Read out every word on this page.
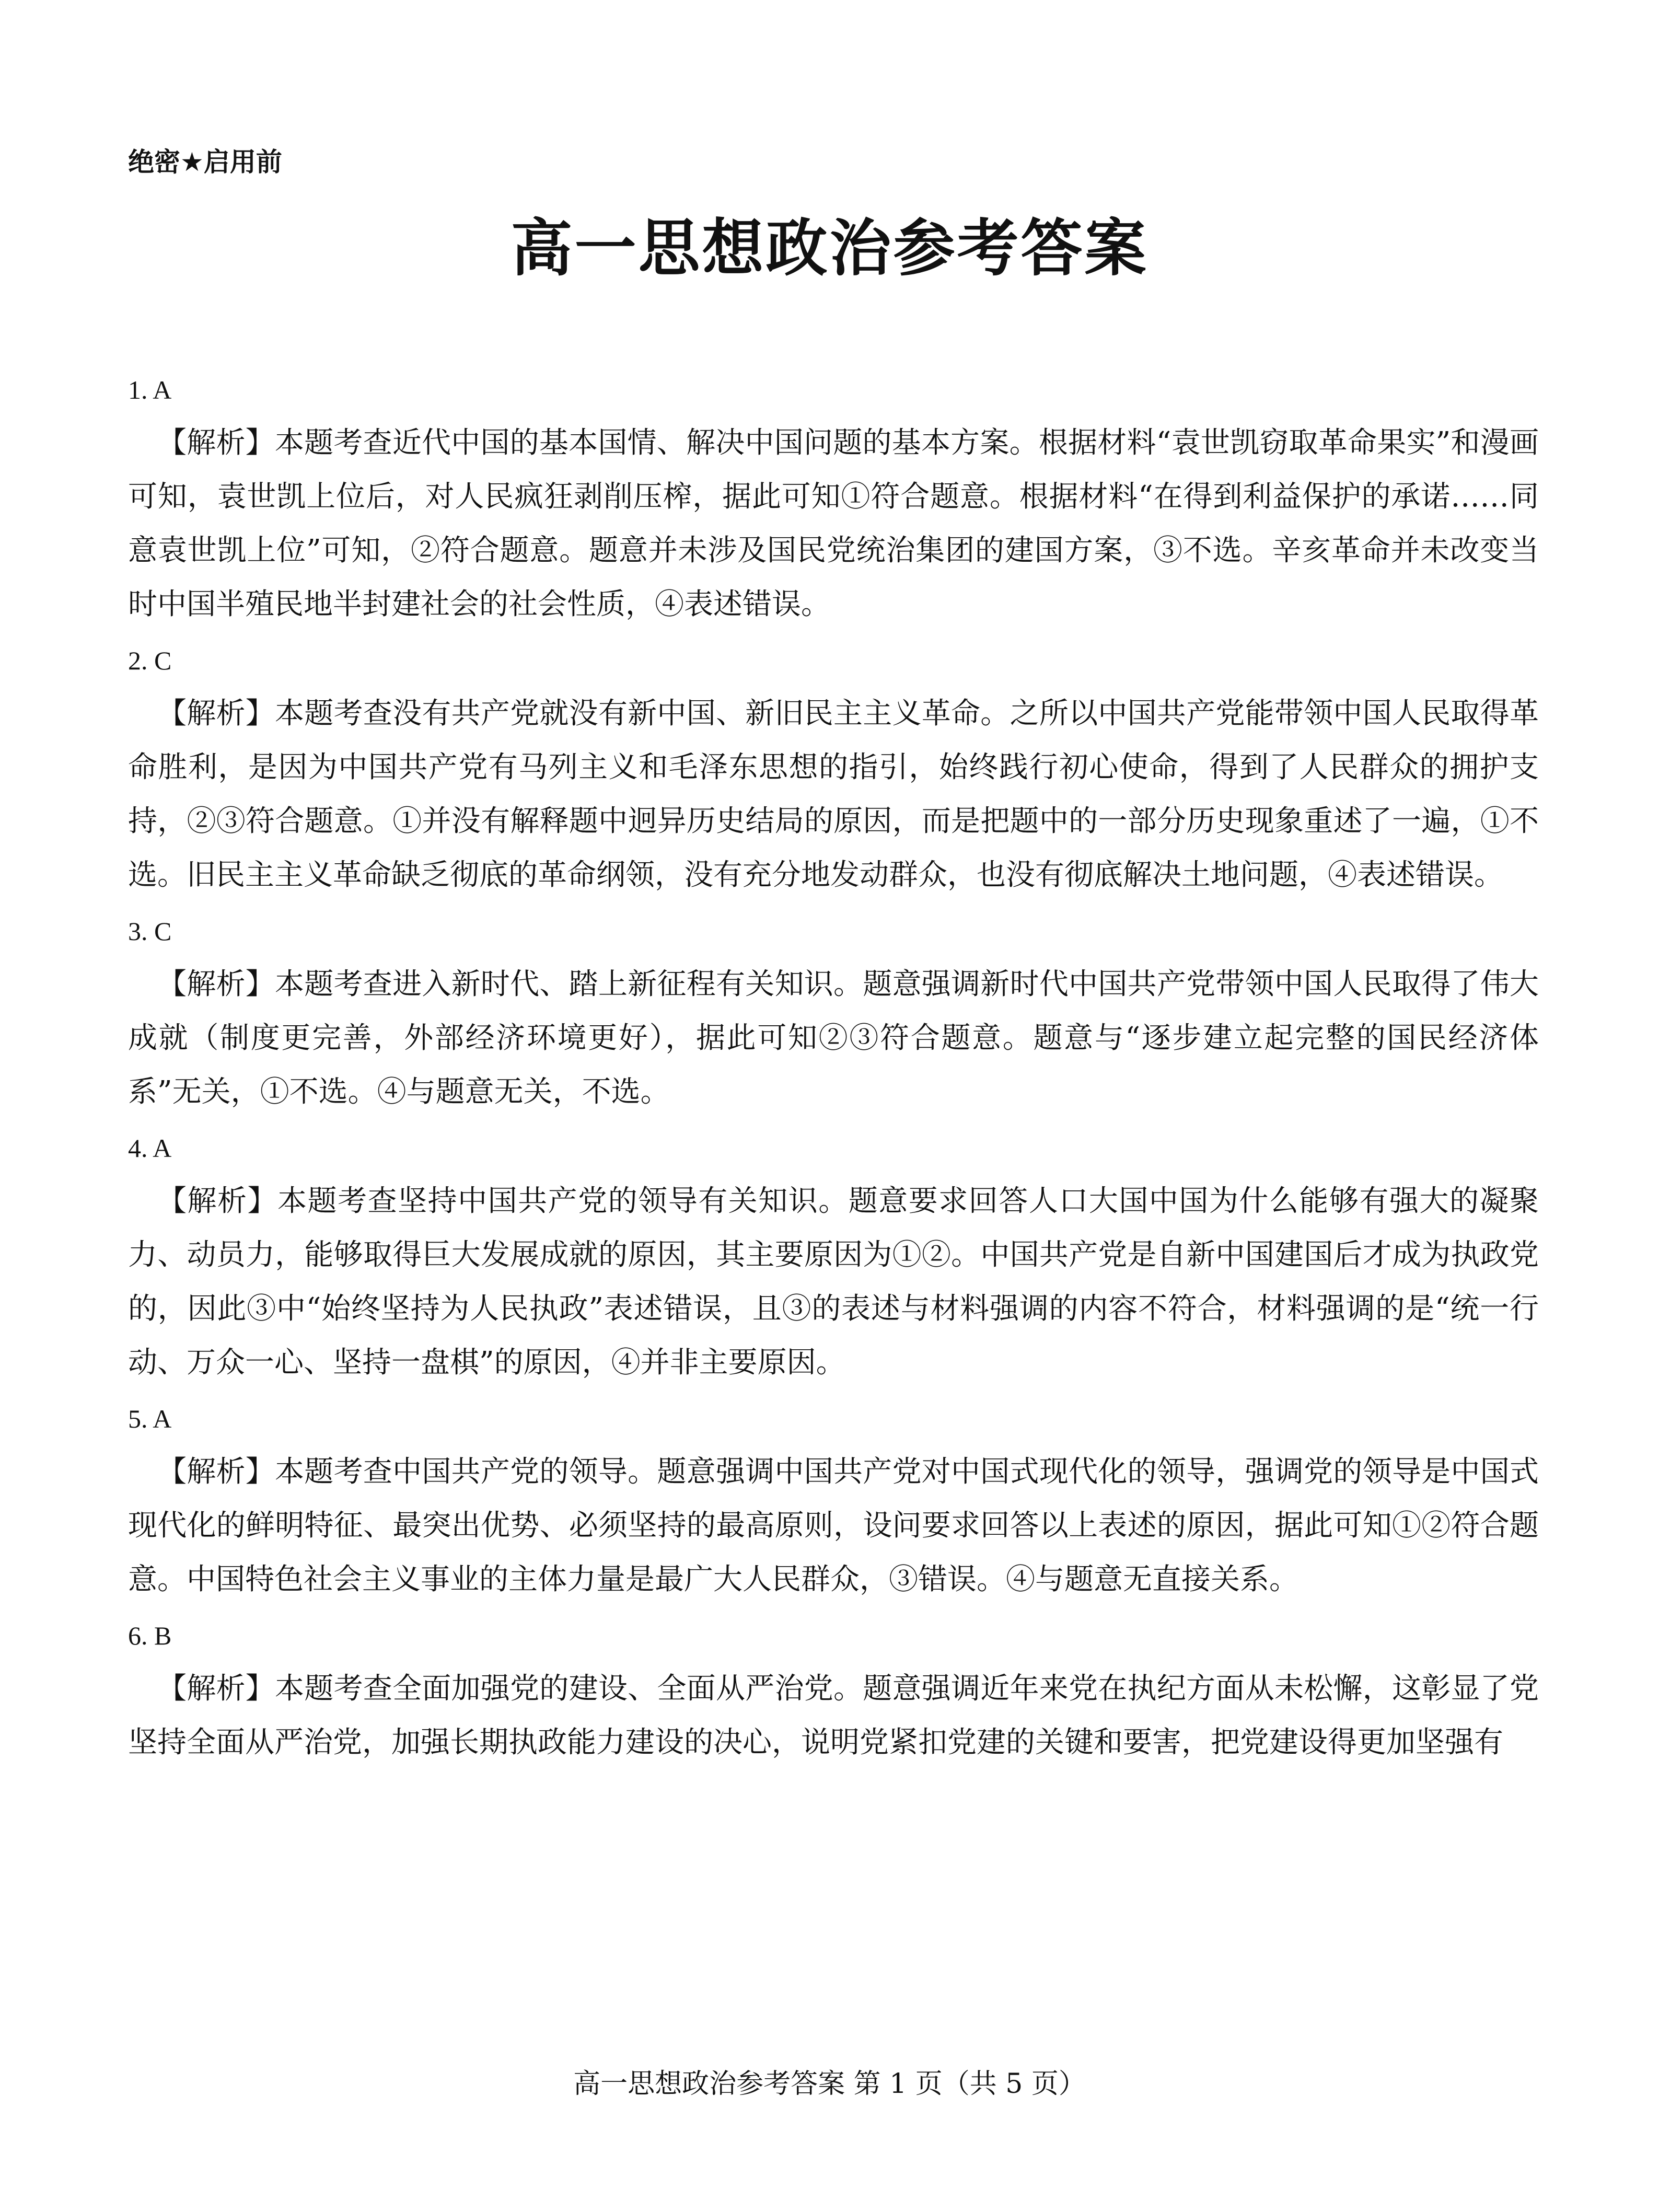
绝密★启用前
高一思想政治参考答案
1. A

【解析】本题考查近代中国的基本国情、解决中国问题的基本方案。根据材料“袁世凯窃取革命果实”和漫画可知，袁世凯上位后，对人民疯狂剥削压榨，据此可知①符合题意。根据材料“在得到利益保护的承诺……同意袁世凯上位”可知，②符合题意。题意并未涉及国民党统治集团的建国方案，③不选。辛亥革命并未改变当时中国半殖民地半封建社会的社会性质，④表述错误。

2. C

【解析】本题考查没有共产党就没有新中国、新旧民主主义革命。之所以中国共产党能带领中国人民取得革命胜利，是因为中国共产党有马列主义和毛泽东思想的指引，始终践行初心使命，得到了人民群众的拥护支持，②③符合题意。①并没有解释题中迥异历史结局的原因，而是把题中的一部分历史现象重述了一遍，①不选。旧民主主义革命缺乏彻底的革命纲领，没有充分地发动群众，也没有彻底解决土地问题，④表述错误。

3. C

【解析】本题考查进入新时代、踏上新征程有关知识。题意强调新时代中国共产党带领中国人民取得了伟大成就（制度更完善，外部经济环境更好），据此可知②③符合题意。题意与“逐步建立起完整的国民经济体系”无关，①不选。④与题意无关，不选。

4. A

【解析】本题考查坚持中国共产党的领导有关知识。题意要求回答人口大国中国为什么能够有强大的凝聚力、动员力，能够取得巨大发展成就的原因，其主要原因为①②。中国共产党是自新中国建国后才成为执政党的，因此③中“始终坚持为人民执政”表述错误，且③的表述与材料强调的内容不符合，材料强调的是“统一行动、万众一心、坚持一盘棋”的原因，④并非主要原因。

5. A

【解析】本题考查中国共产党的领导。题意强调中国共产党对中国式现代化的领导，强调党的领导是中国式现代化的鲜明特征、最突出优势、必须坚持的最高原则，设问要求回答以上表述的原因，据此可知①②符合题意。中国特色社会主义事业的主体力量是最广大人民群众，③错误。④与题意无直接关系。

6. B

【解析】本题考查全面加强党的建设、全面从严治党。题意强调近年来党在执纪方面从未松懈，这彰显了党坚持全面从严治党，加强长期执政能力建设的决心，说明党紧扣党建的关键和要害，把党建设得更加坚强有

高一思想政治参考答案 第 1 页（共 5 页）
